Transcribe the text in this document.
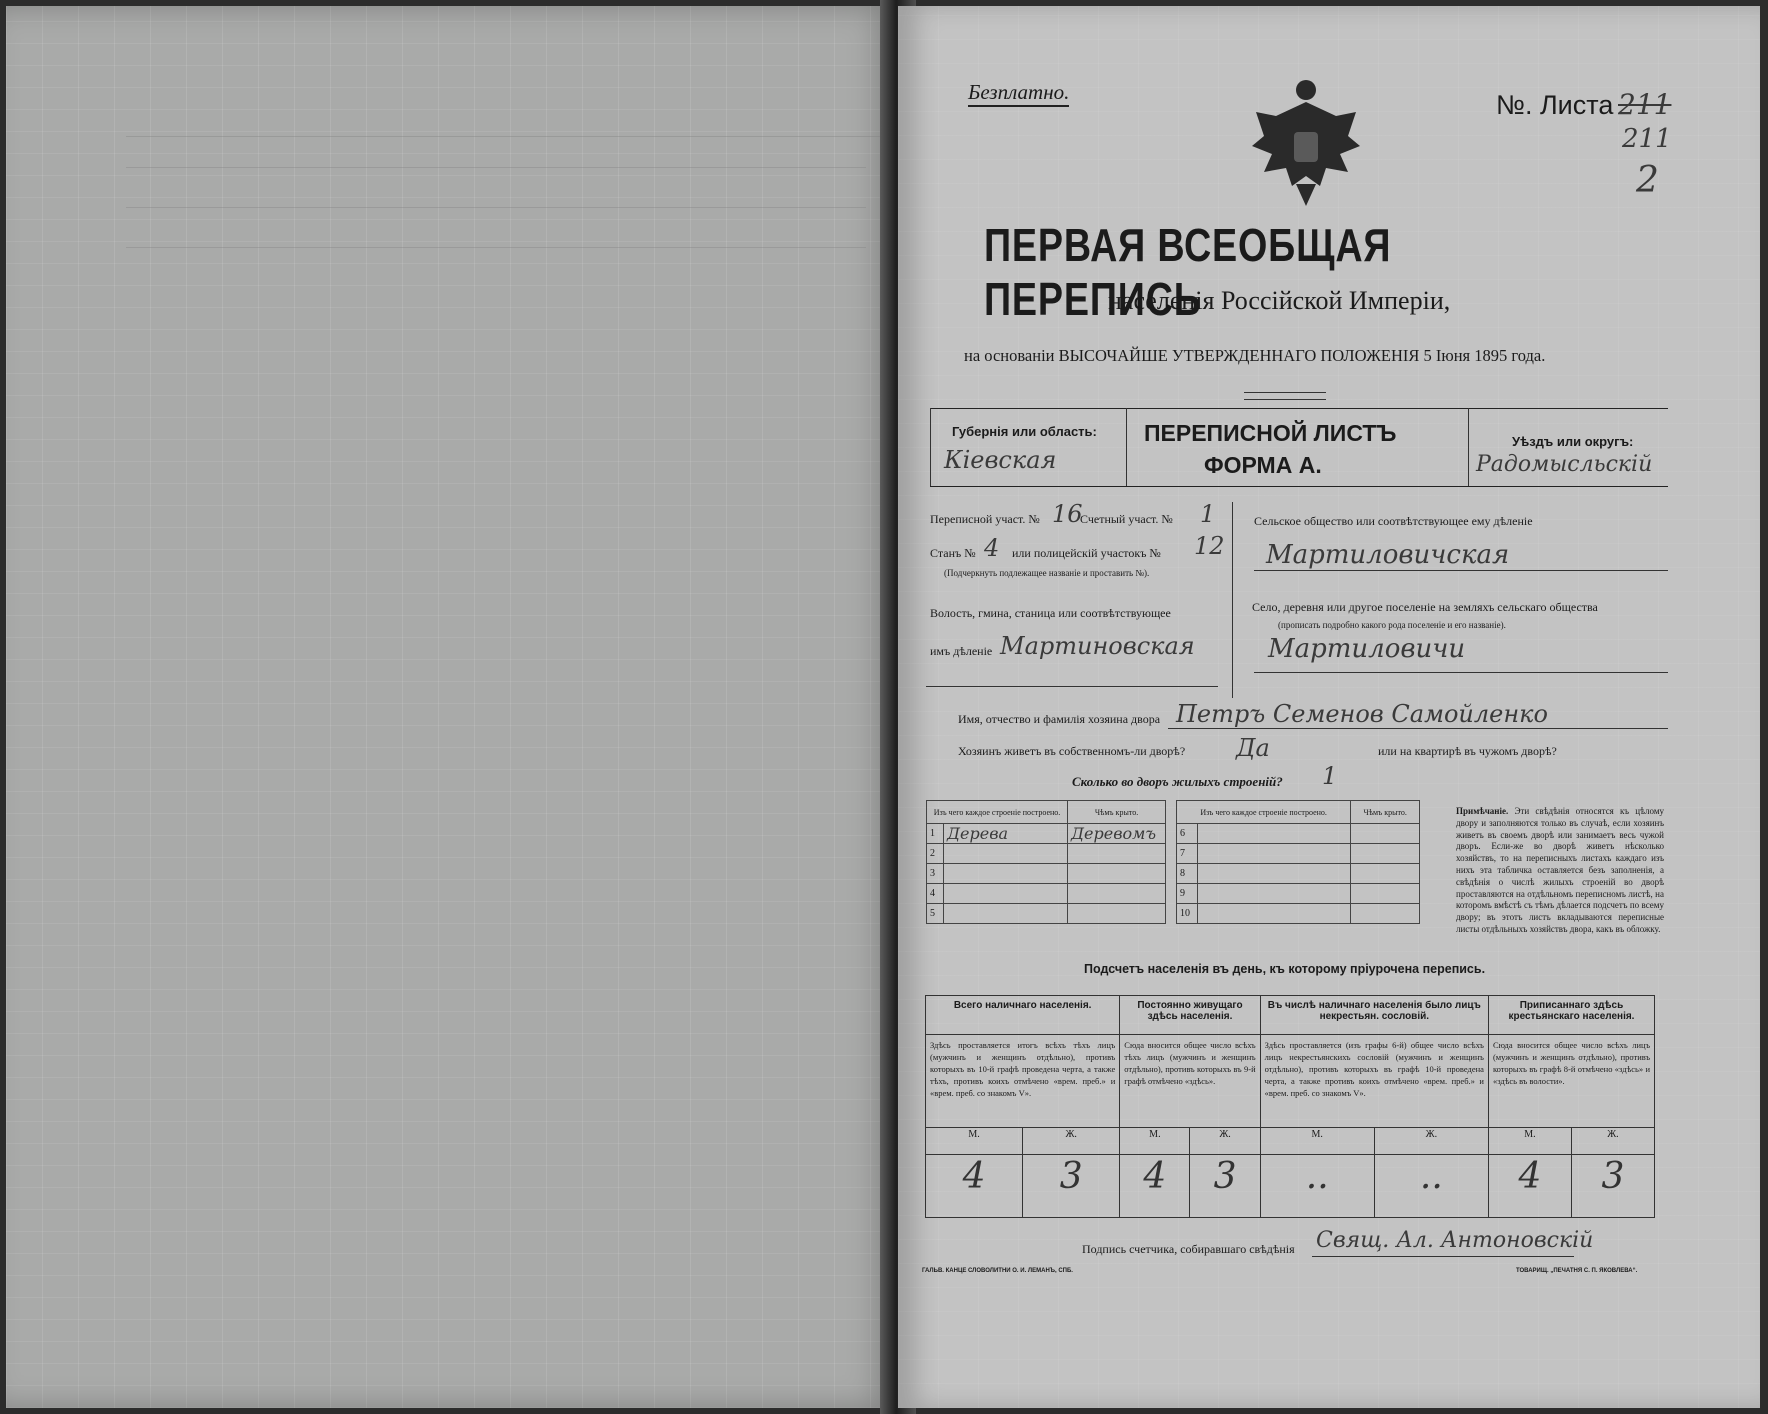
Безплатно.	№. Листа 211
211
2
ПЕРВАЯ ВСЕОБЩАЯ ПЕРЕПИСЬ
населенія Россійской Имперіи,
на основаніи ВЫСОЧАЙШЕ УТВЕРЖДЕННАГО ПОЛОЖЕНІЯ 5 Іюня 1895 года.
Губернія или область:
Кіевская
ПЕРЕПИСНОЙ ЛИСТЪ
ФОРМА А.
Уѣздъ или округъ:
Радомысльскій
Переписной участ. № 16
Счетный участ. № 1
Станъ № 4 или полицейскій участокъ № 12
(Подчеркнуть подлежащее названіе и проставить №).
Волость, гмина, станица или соотвѣтствующее
имъ дѣленіе Мартиновская
Сельское общество или соотвѣтствующее ему дѣленіе
Мартиловичская
Село, деревня или другое поселеніе на земляхъ сельскаго общества
(прописать подробно какого рода поселеніе и его названіе).
Мартиловичи
Имя, отчество и фамилія хозяина двора Петръ Семенов Самойленко
Хозяинъ живетъ въ собственномъ-ли дворѣ? Да	или на квартирѣ въ чужомъ дворѣ?
Сколько во дворъ жилыхъ строеній? 1
Изъ чего каждое строеніе построено.		Чѣмъ крыто.
1	Дерева	Деревомъ
2		
3		
4		
5		
Изъ чего каждое строеніе построено.		Чѣмъ крыто.
6		
7		
8		
9		
10		
Примѣчаніе. Эти свѣдѣнія относятся къ цѣлому двору и заполняются только въ случаѣ, если хозяинъ живетъ въ своемъ дворѣ или занимаетъ весь чужой дворъ. Если-же во дворѣ живетъ нѣсколько хозяйствъ, то на переписныхъ листахъ каждаго изъ нихъ эта табличка оставляется безъ заполненія, а свѣдѣнія о числѣ жилыхъ строеній во дворѣ проставляются на отдѣльномъ переписномъ листѣ, на которомъ вмѣстѣ съ тѣмъ дѣлается подсчетъ по всему двору; въ этотъ листъ вкладываются переписные листы отдѣльныхъ хозяйствъ двора, какъ въ обложку.
Подсчетъ населенія въ день, къ которому пріурочена перепись.
Всего наличнаго населенія.		Постоянно живущаго здѣсь населенія.		Въ числѣ наличнаго населенія было лицъ некрестьян. сословій.		Приписаннаго здѣсь крестьянскаго населенія.	
Здѣсь проставляется итогъ всѣхъ тѣхъ лицъ (мужчинъ и женщинъ отдѣльно), противъ которыхъ въ 10-й графѣ проведена черта, а также тѣхъ, противъ коихъ отмѣчено «врем. преб.» и «врем. преб. со знакомъ V».		Сюда вносится общее число всѣхъ тѣхъ лицъ (мужчинъ и женщинъ отдѣльно), противъ которыхъ въ 9-й графѣ отмѣчено «здѣсь».		Здѣсь проставляется (изъ графы 6-й) общее число всѣхъ лицъ некрестьянскихъ сословій (мужчинъ и женщинъ отдѣльно), противъ которыхъ въ графѣ 10-й проведена черта, а также противъ коихъ отмѣчено «врем. преб.» и «врем. преб. со знакомъ V».		Сюда вносится общее число всѣхъ лицъ (мужчинъ и женщинъ отдѣльно), противъ которыхъ въ графѣ 8-й отмѣчено «здѣсь» и «здѣсь въ волости».	
М.	Ж.	М.	Ж.	М.	Ж.	М.	Ж.
4	3	4	3	..	..	4	3
Подпись счетчика, собиравшаго свѣдѣнія Свящ. Ал. Антоновскій
ГАЛЬВ. КАНЦЕ СЛОВОЛИТНИ О. И. ЛЕМАНЪ, СПБ.	ТОВАРИЩ. „ПЕЧАТНЯ С. П. ЯКОВЛЕВА“.
